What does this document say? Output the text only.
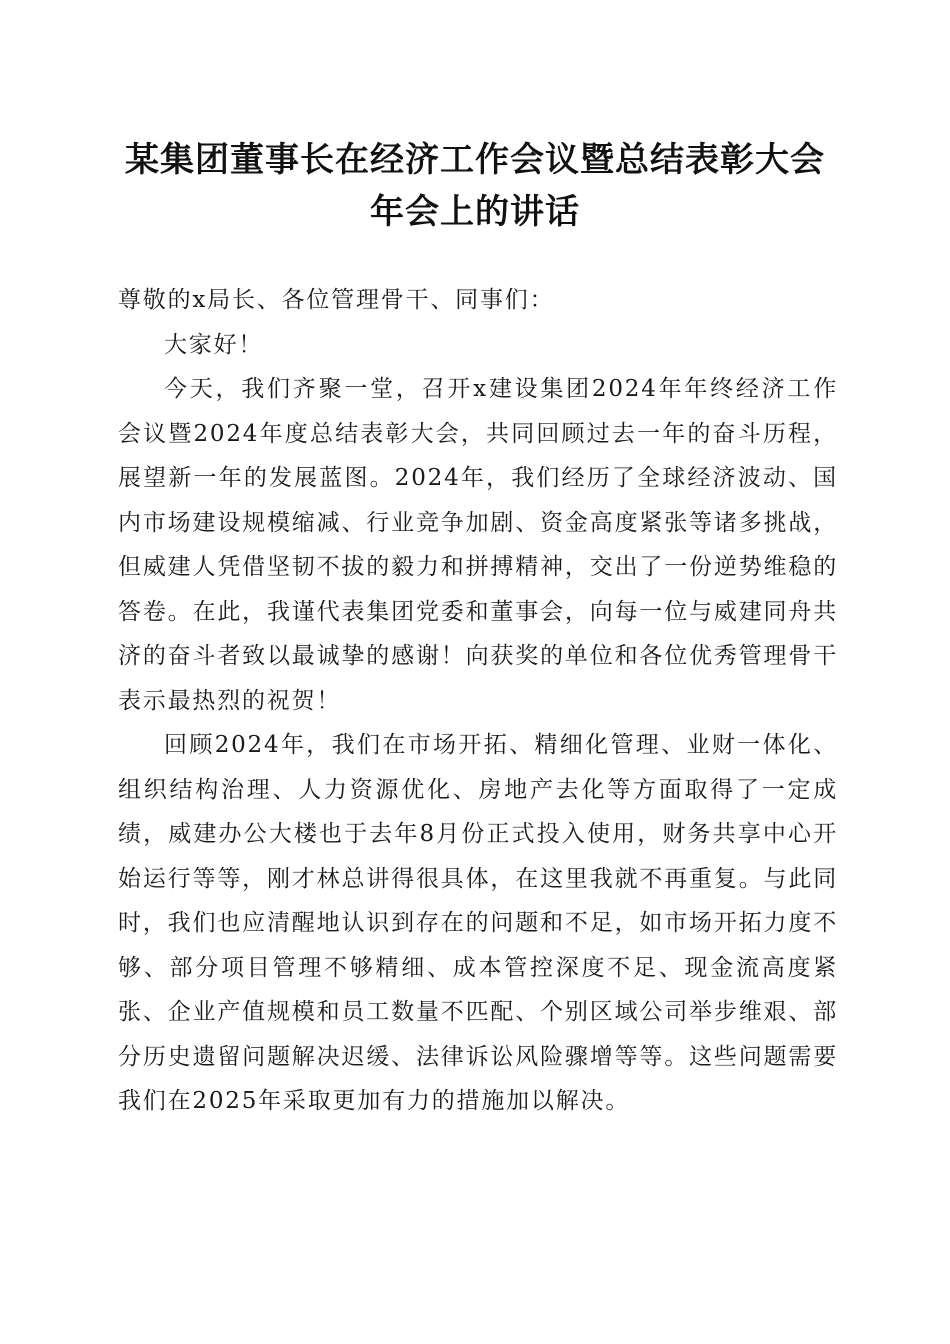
某集团董事长在经济工作会议暨总结表彰大会
年会上的讲话

尊敬的x局长、各位管理骨干、同事们：

大家好！

今天，我们齐聚一堂，召开x建设集团2024年年终经济工作会议暨2024年度总结表彰大会，共同回顾过去一年的奋斗历程，展望新一年的发展蓝图。2024年，我们经历了全球经济波动、国内市场建设规模缩减、行业竞争加剧、资金高度紧张等诸多挑战，但威建人凭借坚韧不拔的毅力和拼搏精神，交出了一份逆势维稳的答卷。在此，我谨代表集团党委和董事会，向每一位与威建同舟共济的奋斗者致以最诚挚的感谢！向获奖的单位和各位优秀管理骨干表示最热烈的祝贺！

回顾2024年，我们在市场开拓、精细化管理、业财一体化、组织结构治理、人力资源优化、房地产去化等方面取得了一定成绩，威建办公大楼也于去年8月份正式投入使用，财务共享中心开始运行等等，刚才林总讲得很具体，在这里我就不再重复。与此同时，我们也应清醒地认识到存在的问题和不足，如市场开拓力度不够、部分项目管理不够精细、成本管控深度不足、现金流高度紧张、企业产值规模和员工数量不匹配、个别区域公司举步维艰、部分历史遗留问题解决迟缓、法律诉讼风险骤增等等。这些问题需要我们在2025年采取更加有力的措施加以解决。
